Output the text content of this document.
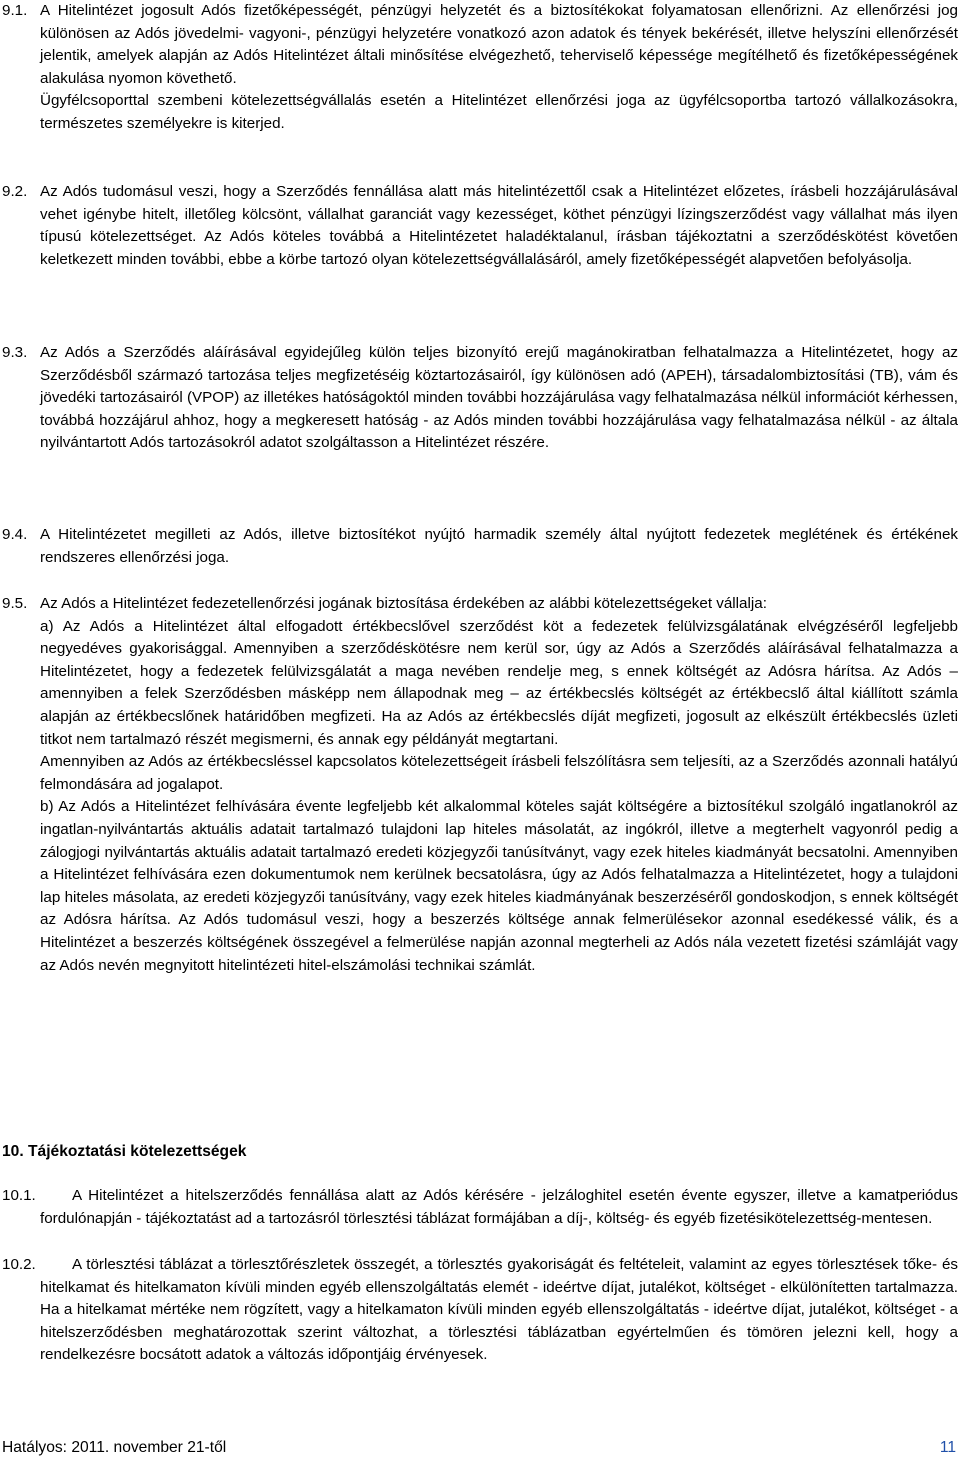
9.1. A Hitelintézet jogosult Adós fizetőképességét, pénzügyi helyzetét és a biztosítékokat folyamatosan ellenőrizni. Az ellenőrzési jog különösen az Adós jövedelmi- vagyoni-, pénzügyi helyzetére vonatkozó azon adatok és tények bekérését, illetve helyszíni ellenőrzését jelentik, amelyek alapján az Adós Hitelintézet általi minősítése elvégezhető, teherviselő képessége megítélhető és fizetőképességének alakulása nyomon követhető.

Ügyfélcsoporttal szembeni kötelezettségvállalás esetén a Hitelintézet ellenőrzési joga az ügyfélcsoportba tartozó vállalkozásokra, természetes személyekre is kiterjed.

9.2. Az Adós tudomásul veszi, hogy a Szerződés fennállása alatt más hitelintézettől csak a Hitelintézet előzetes, írásbeli hozzájárulásával vehet igénybe hitelt, illetőleg kölcsönt, vállalhat garanciát vagy kezességet, köthet pénzügyi lízingszerződést vagy vállalhat más ilyen típusú kötelezettséget. Az Adós köteles továbbá a Hitelintézetet haladéktalanul, írásban tájékoztatni a szerződéskötést követően keletkezett minden további, ebbe a körbe tartozó olyan kötelezettségvállalásáról, amely fizetőképességét alapvetően befolyásolja.

9.3. Az Adós a Szerződés aláírásával egyidejűleg külön teljes bizonyító erejű magánokiratban felhatalmazza a Hitelintézetet, hogy az Szerződésből származó tartozása teljes megfizetéséig köztartozásairól, így különösen adó (APEH), társadalombiztosítási (TB), vám és jövedéki tartozásairól (VPOP) az illetékes hatóságoktól minden további hozzájárulása vagy felhatalmazása nélkül információt kérhessen, továbbá hozzájárul ahhoz, hogy a megkeresett hatóság - az Adós minden további hozzájárulása vagy felhatalmazása nélkül - az általa nyilvántartott Adós tartozásokról adatot szolgáltasson a Hitelintézet részére.

9.4. A Hitelintézetet megilleti az Adós, illetve biztosítékot nyújtó harmadik személy által nyújtott fedezetek meglétének és értékének rendszeres ellenőrzési joga.

9.5. Az Adós a Hitelintézet fedezetellenőrzési jogának biztosítása érdekében az alábbi kötelezettségeket vállalja:

a) Az Adós a Hitelintézet által elfogadott értékbecslővel szerződést köt a fedezetek felülvizsgálatának elvégzéséről legfeljebb negyedéves gyakorisággal. Amennyiben a szerződéskötésre nem kerül sor, úgy az Adós a Szerződés aláírásával felhatalmazza a Hitelintézetet, hogy a fedezetek felülvizsgálatát a maga nevében rendelje meg, s ennek költségét az Adósra hárítsa. Az Adós – amennyiben a felek Szerződésben másképp nem állapodnak meg – az értékbecslés költségét az értékbecslő által kiállított számla alapján az értékbecslőnek határidőben megfizeti. Ha az Adós az értékbecslés díját megfizeti, jogosult az elkészült értékbecslés üzleti titkot nem tartalmazó részét megismerni, és annak egy példányát megtartani.

Amennyiben az Adós az értékbecsléssel kapcsolatos kötelezettségeit írásbeli felszólításra sem teljesíti, az a Szerződés azonnali hatályú felmondására ad jogalapot.

b) Az Adós a Hitelintézet felhívására évente legfeljebb két alkalommal köteles saját költségére a biztosítékul szolgáló ingatlanokról az ingatlan-nyilvántartás aktuális adatait tartalmazó tulajdoni lap hiteles másolatát, az ingókról, illetve a megterhelt vagyonról pedig a zálogjogi nyilvántartás aktuális adatait tartalmazó eredeti közjegyzői tanúsítványt, vagy ezek hiteles kiadmányát becsatolni. Amennyiben a Hitelintézet felhívására ezen dokumentumok nem kerülnek becsatolásra, úgy az Adós felhatalmazza a Hitelintézetet, hogy a tulajdoni lap hiteles másolata, az eredeti közjegyzői tanúsítvány, vagy ezek hiteles kiadmányának beszerzéséről gondoskodjon, s ennek költségét az Adósra hárítsa. Az Adós tudomásul veszi, hogy a beszerzés költsége annak felmerülésekor azonnal esedékessé válik, és a Hitelintézet a beszerzés költségének összegével a felmerülése napján azonnal megterheli az Adós nála vezetett fizetési számláját vagy az Adós nevén megnyitott hitelintézeti hitel-elszámolási technikai számlát.

10. Tájékoztatási kötelezettségek
10.1.	A Hitelintézet a hitelszerződés fennállása alatt az Adós kérésére - jelzáloghitel esetén évente egyszer, illetve a kamatperiódus fordulónapján - tájékoztatást ad a tartozásról törlesztési táblázat formájában a díj-, költség- és egyéb fizetésikötelezettség-mentesen.

10.2.	A törlesztési táblázat a törlesztőrészletek összegét, a törlesztés gyakoriságát és feltételeit, valamint az egyes törlesztések tőke- és hitelkamat és hitelkamaton kívüli minden egyéb ellenszolgáltatás elemét - ideértve díjat, jutalékot, költséget - elkülönítetten tartalmazza. Ha a hitelkamat mértéke nem rögzített, vagy a hitelkamaton kívüli minden egyéb ellenszolgáltatás - ideértve díjat, jutalékot, költséget - a hitelszerződésben meghatározottak szerint változhat, a törlesztési táblázatban egyértelműen és tömören jelezni kell, hogy a rendelkezésre bocsátott adatok a változás időpontjáig érvényesek.

Hatályos: 2011. november 21-től	11
